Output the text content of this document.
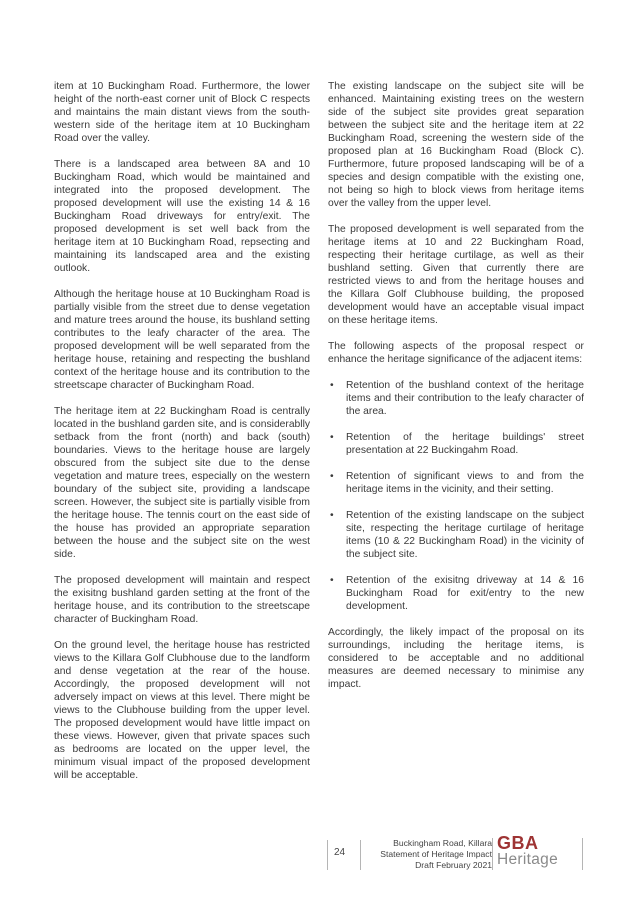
item at 10 Buckingham Road. Furthermore, the lower height of the north-east corner unit of Block C respects and maintains the main distant views from the south-western side of the heritage item at 10 Buckingham Road over the valley.

There is a landscaped area between 8A and 10 Buckingham Road, which would be maintained and integrated into the proposed development. The proposed development will use the existing 14 & 16 Buckingham Road driveways for entry/exit. The proposed development is set well back from the heritage item at 10 Buckingham Road, repsecting and maintaining its landscaped area and the existing outlook.

Although the heritage house at 10 Buckingham Road is partially visible from the street due to dense vegetation and mature trees around the house, its bushland setting contributes to the leafy character of the area. The proposed development will be well separated from the heritage house, retaining and respecting the bushland context of the heritage house and its contribution to the streetscape character of Buckingham Road.

The heritage item at 22 Buckingham Road is centrally located in the bushland garden site, and is considerablly setback from the front (north) and back (south) boundaries. Views to the heritage house are largely obscured from the subject site due to the dense vegetation and mature trees, especially on the western boundary of the subject site, providing a landscape screen. However, the subject site is partially visible from the heritage house. The tennis court on the east side of the house has provided an appropriate separation between the house and the subject site on the west side.

The proposed development will maintain and respect the exisitng bushland garden setting at the front of the heritage house, and its contribution to the streetscape character of Buckingham Road.

On the ground level, the heritage house has restricted views to the Killara Golf Clubhouse due to the landform and dense vegetation at the rear of the house. Accordingly, the proposed development will not adversely impact on views at this level. There might be views to the Clubhouse building from the upper level. The proposed development would have little impact on these views. However, given that private spaces such as bedrooms are located on the upper level, the minimum visual impact of the proposed development will be acceptable.

The existing landscape on the subject site will be enhanced. Maintaining existing trees on the western side of the subject site provides great separation between the subject site and the heritage item at 22 Buckingham Road, screening the western side of the proposed plan at 16 Buckingham Road (Block C). Furthermore, future proposed landscaping will be of a species and design compatible with the existing one, not being so high to block views from heritage items over the valley from the upper level.

The proposed development is well separated from the heritage items at 10 and 22 Buckingham Road, respecting their heritage curtilage, as well as their bushland setting. Given that currently there are restricted views to and from the heritage houses and the Killara Golf Clubhouse building, the proposed development would have an acceptable visual impact on these heritage items.

The following aspects of the proposal respect or enhance the heritage significance of the adjacent items:

• Retention of the bushland context of the heritage items and their contribution to the leafy character of the area.
• Retention of the heritage buildings' street presentation at 22 Buckingahm Road.
• Retention of significant views to and from the heritage items in the vicinity, and their setting.
• Retention of the existing landscape on the subject site, respecting the heritage curtilage of heritage items (10 & 22 Buckingham Road) in the vicinity of the subject site.
• Retention of the exisitng driveway at 14 & 16 Buckingham Road for exit/entry to the new development.

Accordingly, the likely impact of the proposal on its surroundings, including the heritage items, is considered to be acceptable and no additional measures are deemed necessary to minimise any impact.

24
Buckingham Road, Killara
Statement of Heritage Impact
Draft February 2021
GBA
Heritage
